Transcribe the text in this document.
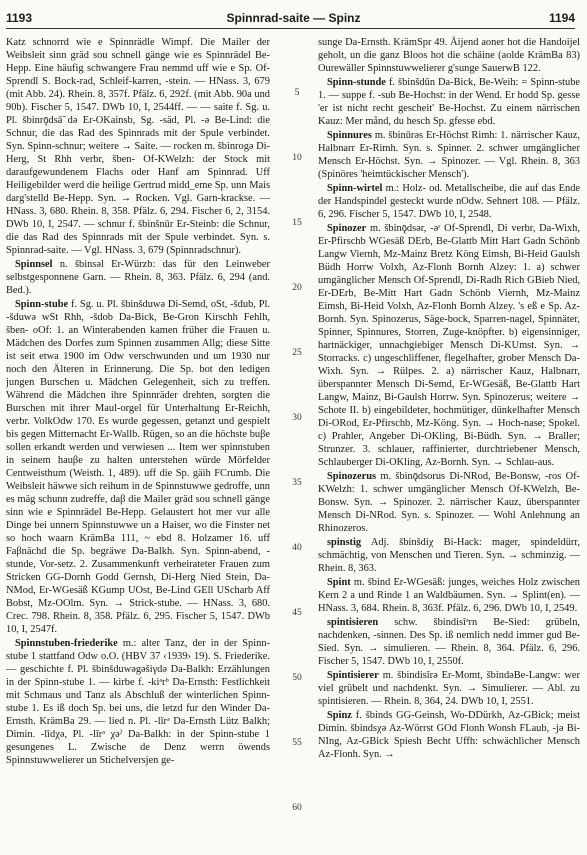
1193	Spinnrad-saite — Spinz	1194

Katz schnorrd wie e Spinnrädle Wimpf. Die Mailer der Weibsleit sinn gräd sou schnell gänge wie es Spinnrädel Be-Hepp. Eine häufig schwangere Frau nemmd uff wie e Sp. Of-Sprendl S. Bock-rad, Schleif-karren, -stein. — HNass. 3, 679 (mit Abb. 24). Rhein. 8, 357f. Pfälz. 6, 292f. (mit Abb. 90a und 90b). Fischer 5, 1547. DWb 10, I, 2544ff. — — saite f. Sg. u. Pl. šbinrǭdsā̃ də Er-OKainsb, Sg. -säd, Pl. -ə Be-Lind: die Schnur, die das Rad des Spinnrads mit der Spule verbindet. Syn. Spinn-schnur; weitere → Saite. — rocken m. šbinrogə Di-Herg, St Rhh verbr, šben- Of-KWelzh: der Stock mit daraufgewundenem Flachs oder Hanf am Spinnrad. Uff Heiligebilder werd die heilige Gertrud midd_eme Sp. unn Mais darg'stelld Be-Hepp. Syn. → Rocken. Vgl. Garn-krackse. — HNass. 3, 680. Rhein. 8, 358. Pfälz. 6, 294. Fischer 6, 2, 3154. DWb 10, I, 2547. — schnur f. šbinšnūr Er-Steinb: die Schnur, die das Rad des Spinnrads mit der Spule verbindet. Syn. s. Spinnrad-saite. — Vgl. HNass. 3, 679 (Spinnradschnur).

Spinnsel n. šbinsəl Er-Würzb: das für den Leinweber selbstgesponnene Garn. — Rhein. 8, 363. Pfälz. 6, 294 (and. Bed.).

Spinn-stube f. Sg. u. Pl. šbinšduwə Di-Semd, oSt, -šdub, Pl. -šduwə wSt Rhh, -šdob Da-Bick, Be-Gron Kirschh Fehlh, šben- oOf: 1. an Winterabenden kamen früher die Frauen u. Mädchen des Dorfes zum Spinnen zusammen Allg; diese Sitte ist seit etwa 1900 im Odw verschwunden und um 1930 nur noch den Älteren in Erinnerung. Die Sp. bot den ledigen jungen Burschen u. Mädchen Gelegenheit, sich zu treffen. Während die Mädchen ihre Spinnräder drehten, sorgten die Burschen mit ihrer Maul-orgel für Unterhaltung Er-Reichh, verbr. VolkOdw 170. Es wurde gegessen, getanzt und gespielt bis gegen Mitternacht Er-Wallb. Rügen, so an die höchste buβe sollen erkandt werden und verwiesen ... Item wer spinnstuben in seinem hauβe zu halten unterstehen würde Mörfelder Centweisthum (Weisth. 1, 489). uff die Sp. gäih FCrumb. Die Weibsleit häwwe sich reihum in de Spinnstuwwe gedroffe, unn es mäg schunn zudreffe, daβ die Mailer gräd sou schnell gänge sinn wie e Spinnrädel Be-Hepp. Gelaustert hot mer vur alle Dinge bei unnern Spinnstuwwe un a Haiser, wo die Finster net so hoch waarn KrämBa 111, ~ ebd 8. Holzamer 16. uff Faβnächd die Sp. begräwe Da-Balkh. Syn. Spinn-abend, -stunde, Vor-setz. 2. Zusammenkunft verheirateter Frauen zum Stricken GG-Dornh Godd Gernsh, Di-Herg Nied Stein, Da-NMod, Er-WGesäß KGump UOst, Be-Lind GEll UScharb Aff Bobst, Mz-OOlm. Syn. → Strick-stube. — HNass. 3, 680. Crec. 798. Rhein. 8, 358. Pfälz. 6, 295. Fischer 5, 1547. DWb 10, I, 2547f.

Spinnstuben-friederike m.: alter Tanz, der in der Spinn-stube 1 stattfand Odw o.O. (HBV 37 ‹1939› 19). S. Friederike. — geschichte f. Pl. šbinšduwəgəšiγdə Da-Balkh: Erzählungen in der Spinn-stube 1. — kirbe f. -kiᵊrᵇ Da-Ernsth: Festlichkeit mit Schmaus und Tanz als Abschluß der winterlichen Spinn-stube 1. Es iß doch Sp. bei uns, die letzd fur den Winder Da-Ernsth. KrämBa 29. — lied n. Pl. -līrᵊ Da-Ernsth Lütz Balkh; Dimin. -līdχə, Pl. -līrᵊ χəˀ Da-Balkh: in der Spinn-stube 1 gesungenes L. Zwische de Denz werrn öwends Spinnstuwwelierer un Stichelversjen ge-

5
10
15
20
25
30
35
40
45
50
55
60

sunge Da-Ernsth. KrämSpr 49. Äijend aoner hot die Handoijel geholt, un die ganz Bloos hot die schäine (aolde KrämBa 83) Ourewäller Spinnstuwwelierer g'sunge SauerwB 122.

Spinn-stunde f. šbinšdūn Da-Bick, Be-Weih: = Spinn-stube 1. — suppe f. -sub Be-Hochst: in der Wend. Er hodd Sp. gesse 'er ist nicht recht gescheit' Be-Hochst. Zu einem närrischen Kauz: Mer månd, du hesch Sp. gfesse ebd.

Spinnures m. šbinūrəs Er-Höchst Rimh: 1. närrischer Kauz, Halbnarr Er-Rimh. Syn. s. Spinner. 2. schwer umgänglicher Mensch Er-Höchst. Syn. → Spinozer. — Vgl. Rhein. 8, 363 (Spinöres 'heimtückischer Mensch').

Spinn-wirtel m.: Holz- od. Metallscheibe, die auf das Ende der Handspindel gesteckt wurde nOdw. Sehnert 108. — Pfälz. 6, 296. Fischer 5, 1547. DWb 10, I, 2548.

Spinozer m. šbinǭdsər, -əʳ Of-Sprendl, Di verbr, Da-Wixh, Er-Pfirschb WGesäß DErb, Be-Glattb Mitt Hart Gadn Schönb Langw Viernh, Mz-Mainz Bretz Köng Eimsh, Bi-Heid Gaulsh Büdh Horrw Volxh, Az-Flonh Bornh Alzey: 1. a) schwer umgänglicher Mensch Of-Sprendl, Di-Radh Rich GBieb Nied, Er-DErb, Be-Mitt Hart Gadn Schönb Viernh, Mz-Mainz Eimsh, Bi-Heid Volxh, Az-Flonh Bornh Alzey. 's eß e Sp. Az-Bornh. Syn. Spinozerus, Säge-bock, Sparren-nagel, Spinnäter, Spinner, Spinnures, Storren, Zuge-knöpfter. b) eigensinniger, hartnäckiger, unnachgiebiger Mensch Di-KUmst. Syn. → Storracks. c) ungeschliffener, flegelhafter, grober Mensch Da-Wixh. Syn. → Rülpes. 2. a) närrischer Kauz, Halbnarr, überspannter Mensch Di-Semd, Er-WGesäß, Be-Glattb Hart Langw, Mainz, Bi-Gaulsh Horrw. Syn. Spinozerus; weitere → Schote II. b) eingebildeter, hochmütiger, dünkelhafter Mensch Di-ORod, Er-Pfirschb, Mz-Köng. Syn. → Hoch-nase; Spokel. c) Prahler, Angeber Di-OKling, Bi-Büdh. Syn. → Braller; Strunzer. 3. schlauer, raffinierter, durchtriebener Mensch, Schlauberger Di-OKling, Az-Bornh. Syn. → Schlau-aus.

Spinozerus m. šbinǭdsorus Di-NRod, Be-Bonsw, -ros Of-KWelzh: 1. schwer umgänglicher Mensch Of-KWelzh, Be-Bonsw. Syn. → Spinozer. 2. närrischer Kauz, überspannter Mensch Di-NRod. Syn. s. Spinozer. — Wohl Anlehnung an Rhinozeros.

spinstig Adj. šbinšdiχ Bi-Hack: mager, spindeldürr, schmächtig, von Menschen und Tieren. Syn. → schminzig. — Rhein. 8, 363.

Spint m. šbind Er-WGesäß: junges, weiches Holz zwischen Kern 2 a und Rinde 1 an Waldbäumen. Syn. → Splint(en). — HNass. 3, 684. Rhein. 8, 363f. Pfälz. 6, 296. DWb 10, I, 2549.

spintisieren schw. šbindisīᵊrn Be-Sied: grübeln, nachdenken, -sinnen. Des Sp. iß nemlich nedd immer gud Be-Sied. Syn. → simulieren. — Rhein. 8, 364. Pfälz. 6, 296. Fischer 5, 1547. DWb 10, I, 2550f.

Spintisierer m. šbindisīrə Er-Momt, šbindəBe-Langw: wer viel grübelt und nachdenkt. Syn. → Simulierer. — Abl. zu spintisieren. — Rhein. 8, 364, 24. DWb 10, I, 2551.

Spinz f. šbinds GG-Geinsh, Wo-DDürkh, Az-GBick; meist Dimin. šbindsχə Az-Wörrst GOd Flonh Wonsh FLaub, -jə Bi-NIng, Az-GBick Spiesh Becht Uffh: schwächlicher Mensch Az-Flonh. Syn. →
